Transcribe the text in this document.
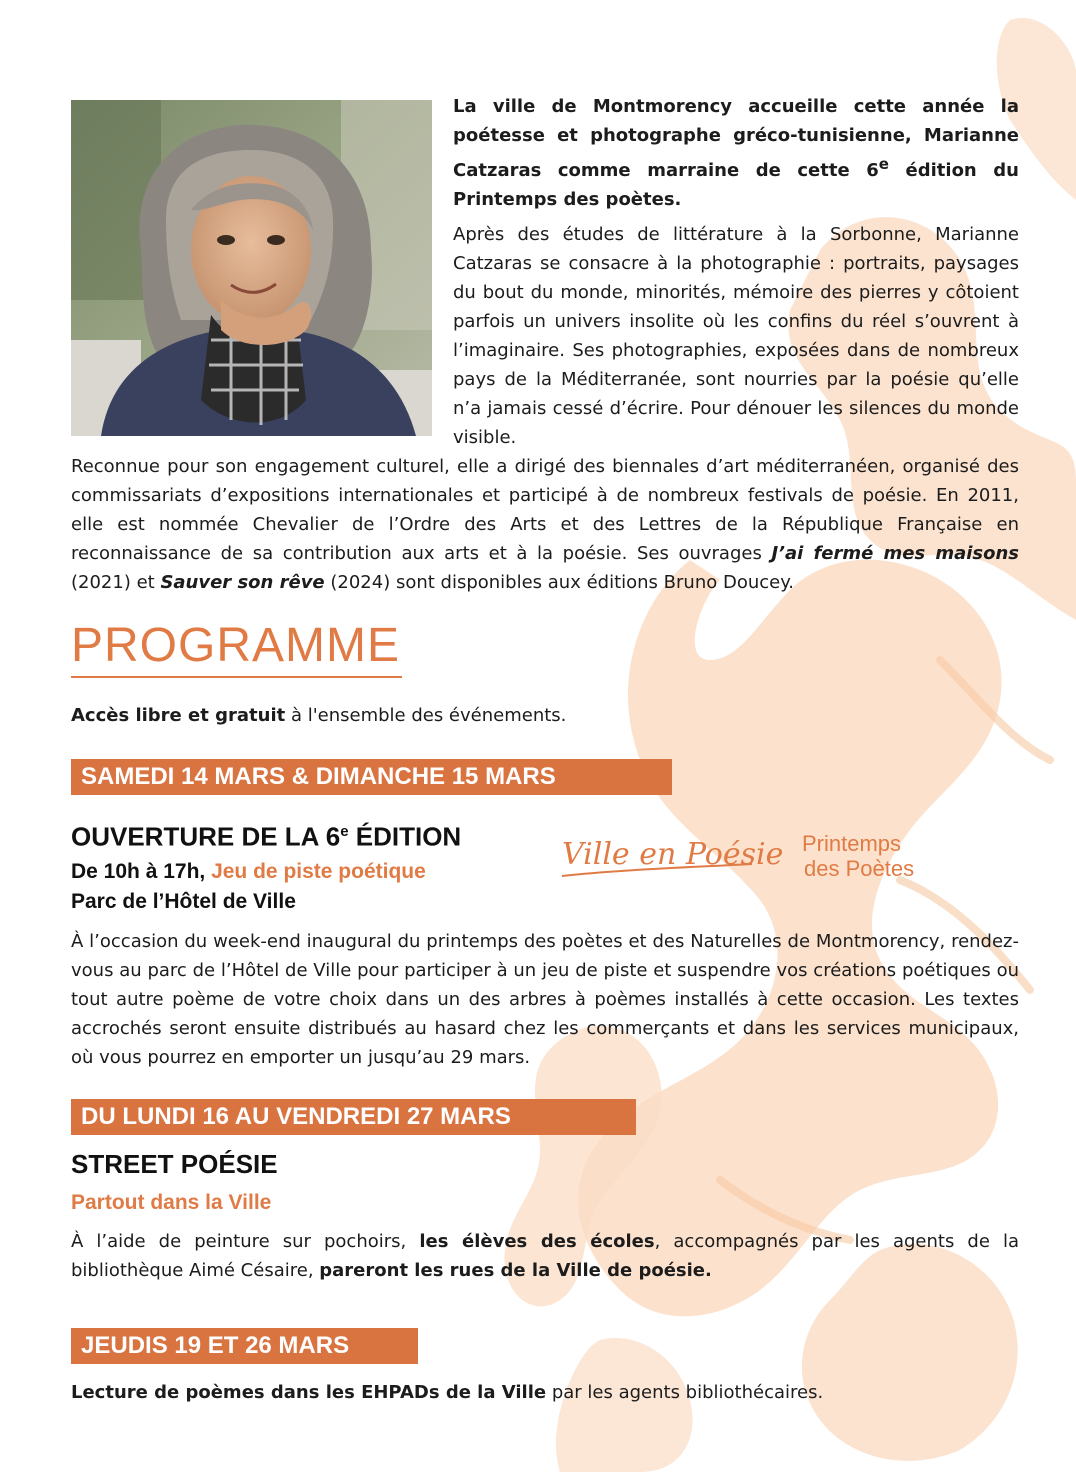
La ville de Montmorency accueille cette année la poétesse et photographe gréco-tunisienne, Marianne Catzaras comme marraine de cette 6e édition du Printemps des poètes.

Après des études de littérature à la Sorbonne, Marianne Catzaras se consacre à la photographie : portraits, paysages du bout du monde, minorités, mémoire des pierres y côtoient parfois un univers insolite où les confins du réel s’ouvrent à l’imaginaire. Ses photographies, exposées dans de nombreux pays de la Méditerranée, sont nourries par la poésie qu’elle n’a jamais cessé d’écrire. Pour dénouer les silences du monde visible.

Reconnue pour son engagement culturel, elle a dirigé des biennales d’art méditerranéen, organisé des commissariats d’expositions internationales et participé à de nombreux festivals de poésie. En 2011, elle est nommée Chevalier de l’Ordre des Arts et des Lettres de la République Française en reconnaissance de sa contribution aux arts et à la poésie. Ses ouvrages J’ai fermé mes maisons (2021) et Sauver son rêve (2024) sont disponibles aux éditions Bruno Doucey.

PROGRAMME

Accès libre et gratuit à l'ensemble des événements.

SAMEDI 14 MARS & DIMANCHE 15 MARS
OUVERTURE DE LA 6e ÉDITION

De 10h à 17h, Jeu de piste poétique

Parc de l’Hôtel de Ville

Ville en Poésie Printemps
des Poètes

À l’occasion du week-end inaugural du printemps des poètes et des Naturelles de Montmorency, rendez-vous au parc de l’Hôtel de Ville pour participer à un jeu de piste et suspendre vos créations poétiques ou tout autre poème de votre choix dans un des arbres à poèmes installés à cette occasion. Les textes accrochés seront ensuite distribués au hasard chez les commerçants et dans les services municipaux, où vous pourrez en emporter un jusqu’au 29 mars.

DU LUNDI 16 AU VENDREDI 27 MARS
STREET POÉSIE

Partout dans la Ville

À l’aide de peinture sur pochoirs, les élèves des écoles, accompagnés par les agents de la bibliothèque Aimé Césaire, pareront les rues de la Ville de poésie.

JEUDIS 19 ET 26 MARS

Lecture de poèmes dans les EHPADs de la Ville par les agents bibliothécaires.
